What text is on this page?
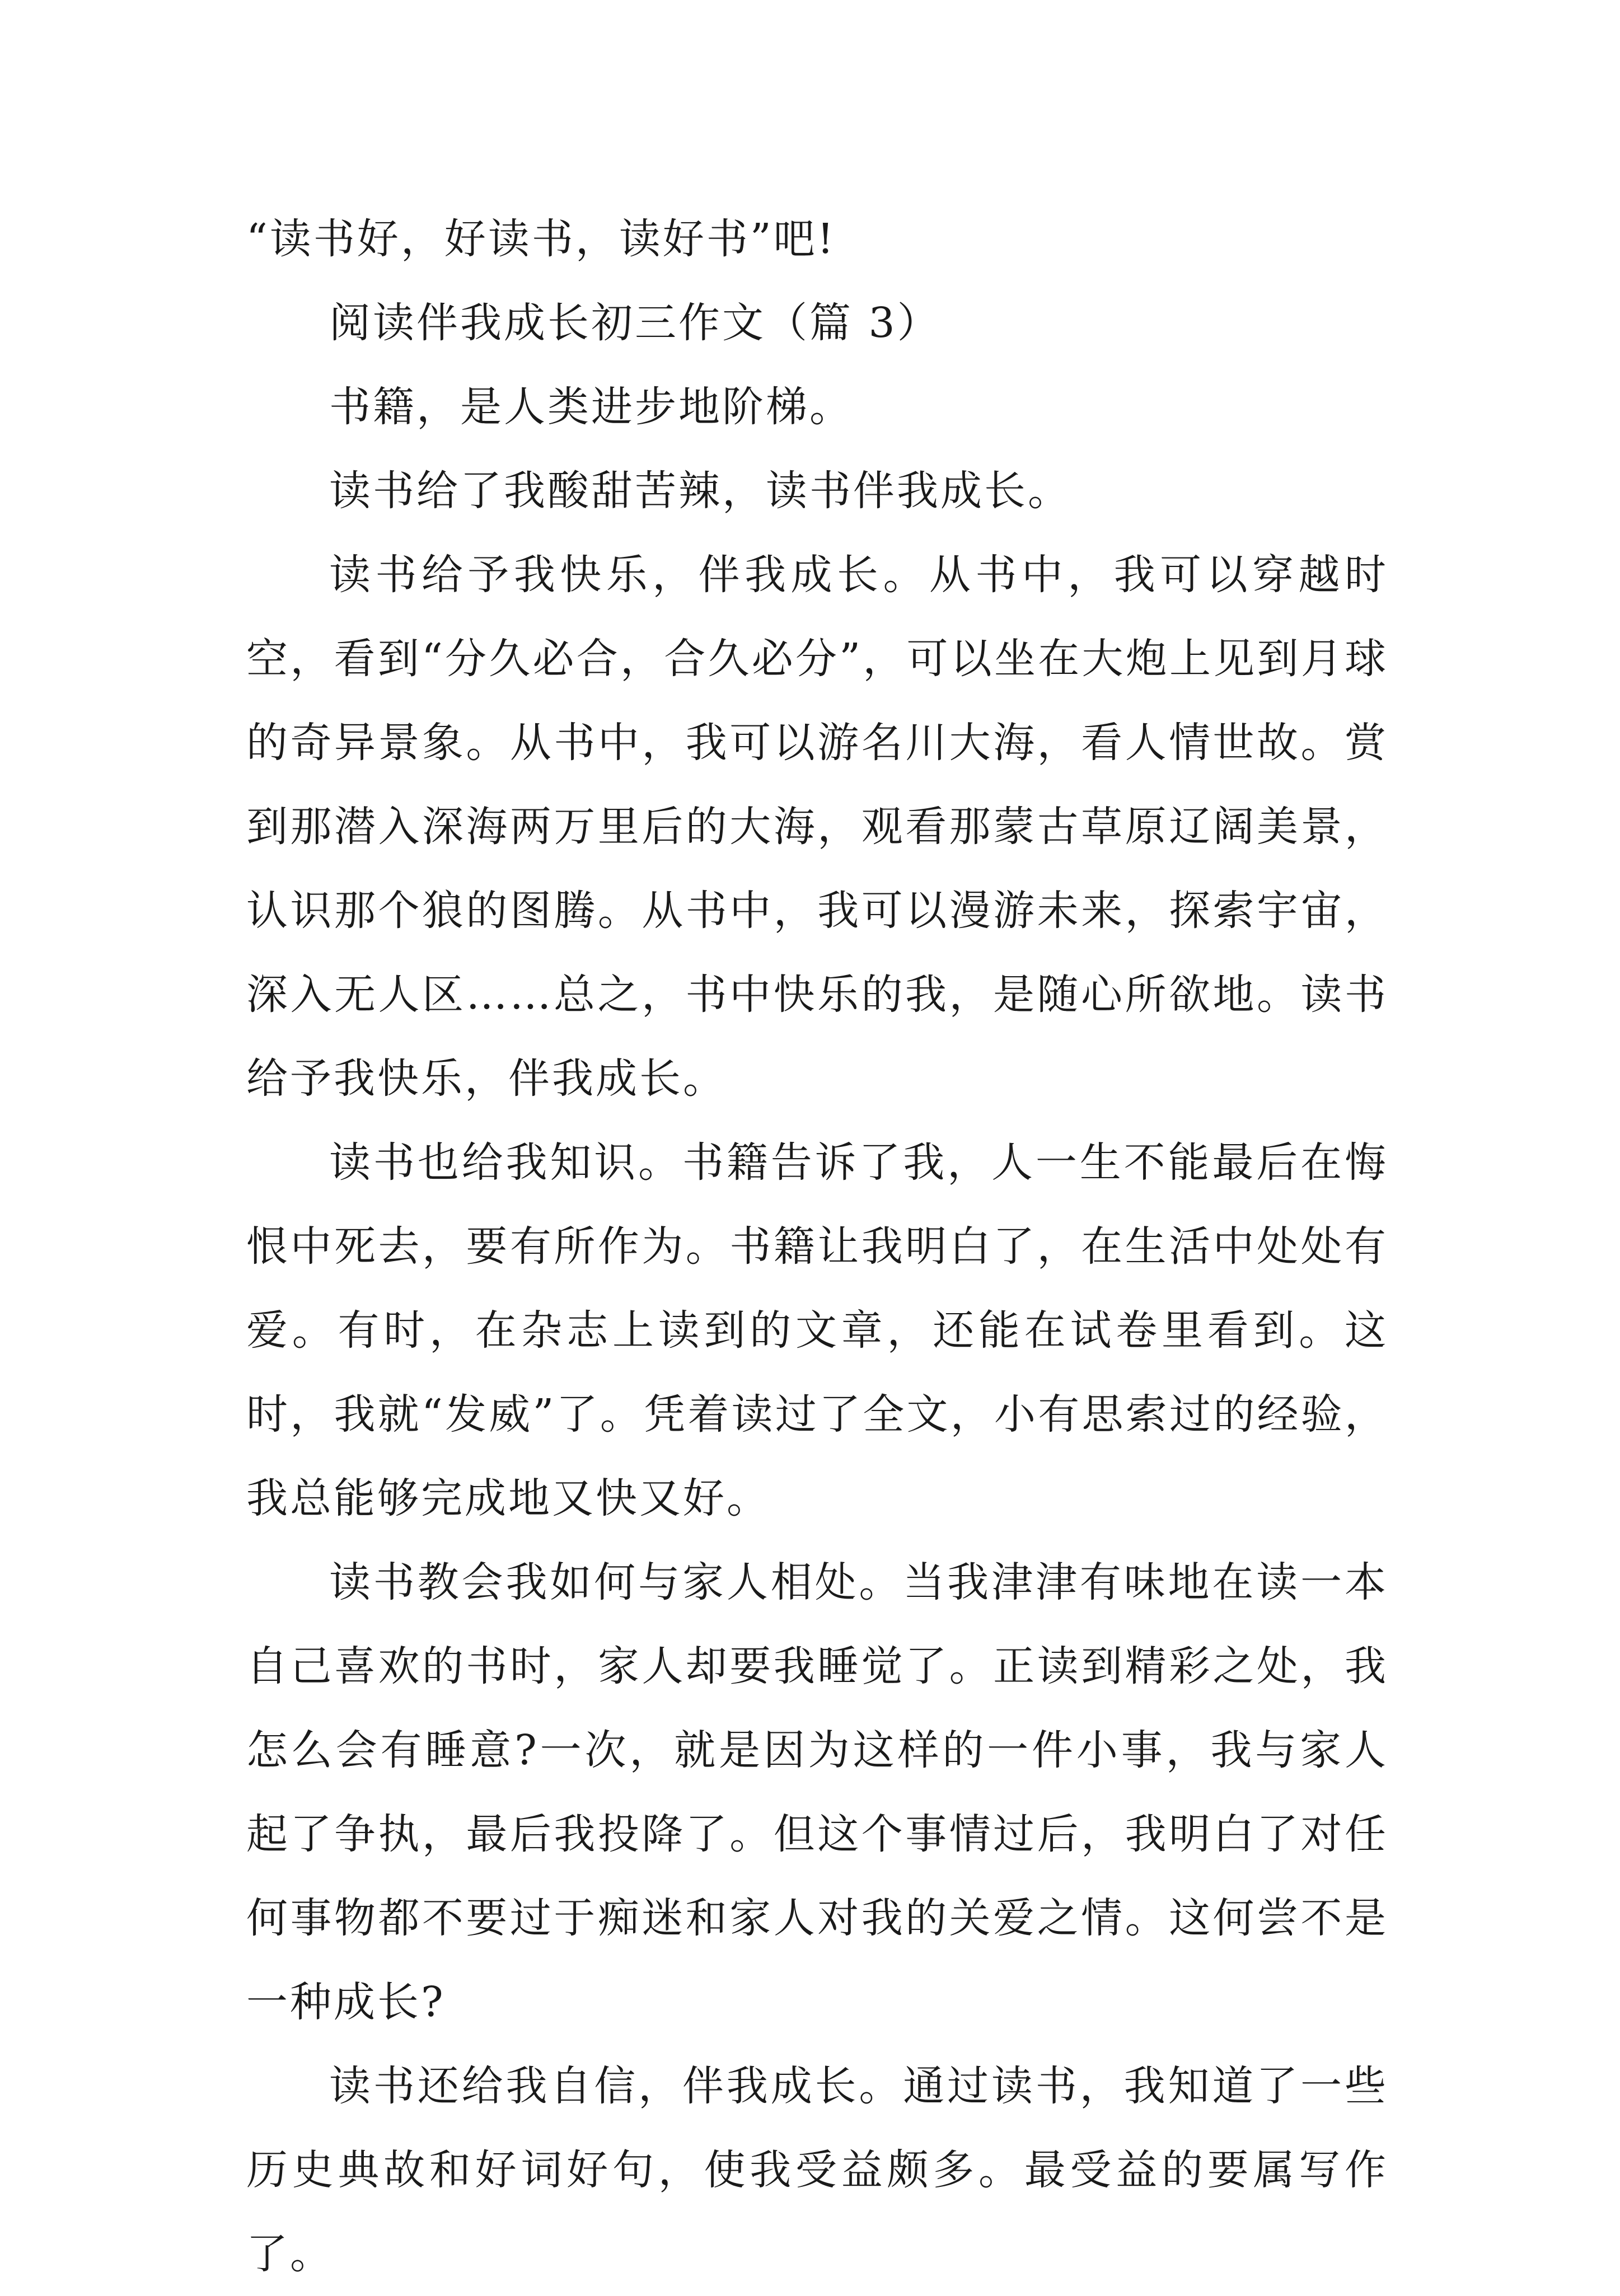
“读书好，好读书，读好书”吧!

阅读伴我成长初三作文（篇 3）

书籍，是人类进步地阶梯。

读书给了我酸甜苦辣，读书伴我成长。

读书给予我快乐，伴我成长。从书中，我可以穿越时空，看到“分久必合，合久必分”，可以坐在大炮上见到月球的奇异景象。从书中，我可以游名川大海，看人情世故。赏到那潜入深海两万里后的大海，观看那蒙古草原辽阔美景，认识那个狼的图腾。从书中，我可以漫游未来，探索宇宙，深入无人区……总之，书中快乐的我，是随心所欲地。读书给予我快乐，伴我成长。

读书也给我知识。书籍告诉了我，人一生不能最后在悔恨中死去，要有所作为。书籍让我明白了，在生活中处处有爱。有时，在杂志上读到的文章，还能在试卷里看到。这时，我就“发威”了。凭着读过了全文，小有思索过的经验，我总能够完成地又快又好。

读书教会我如何与家人相处。当我津津有味地在读一本自己喜欢的书时，家人却要我睡觉了。正读到精彩之处，我怎么会有睡意?一次，就是因为这样的一件小事，我与家人起了争执，最后我投降了。但这个事情过后，我明白了对任何事物都不要过于痴迷和家人对我的关爱之情。这何尝不是一种成长?

读书还给我自信，伴我成长。通过读书，我知道了一些历史典故和好词好句，使我受益颇多。最受益的要属写作了。
